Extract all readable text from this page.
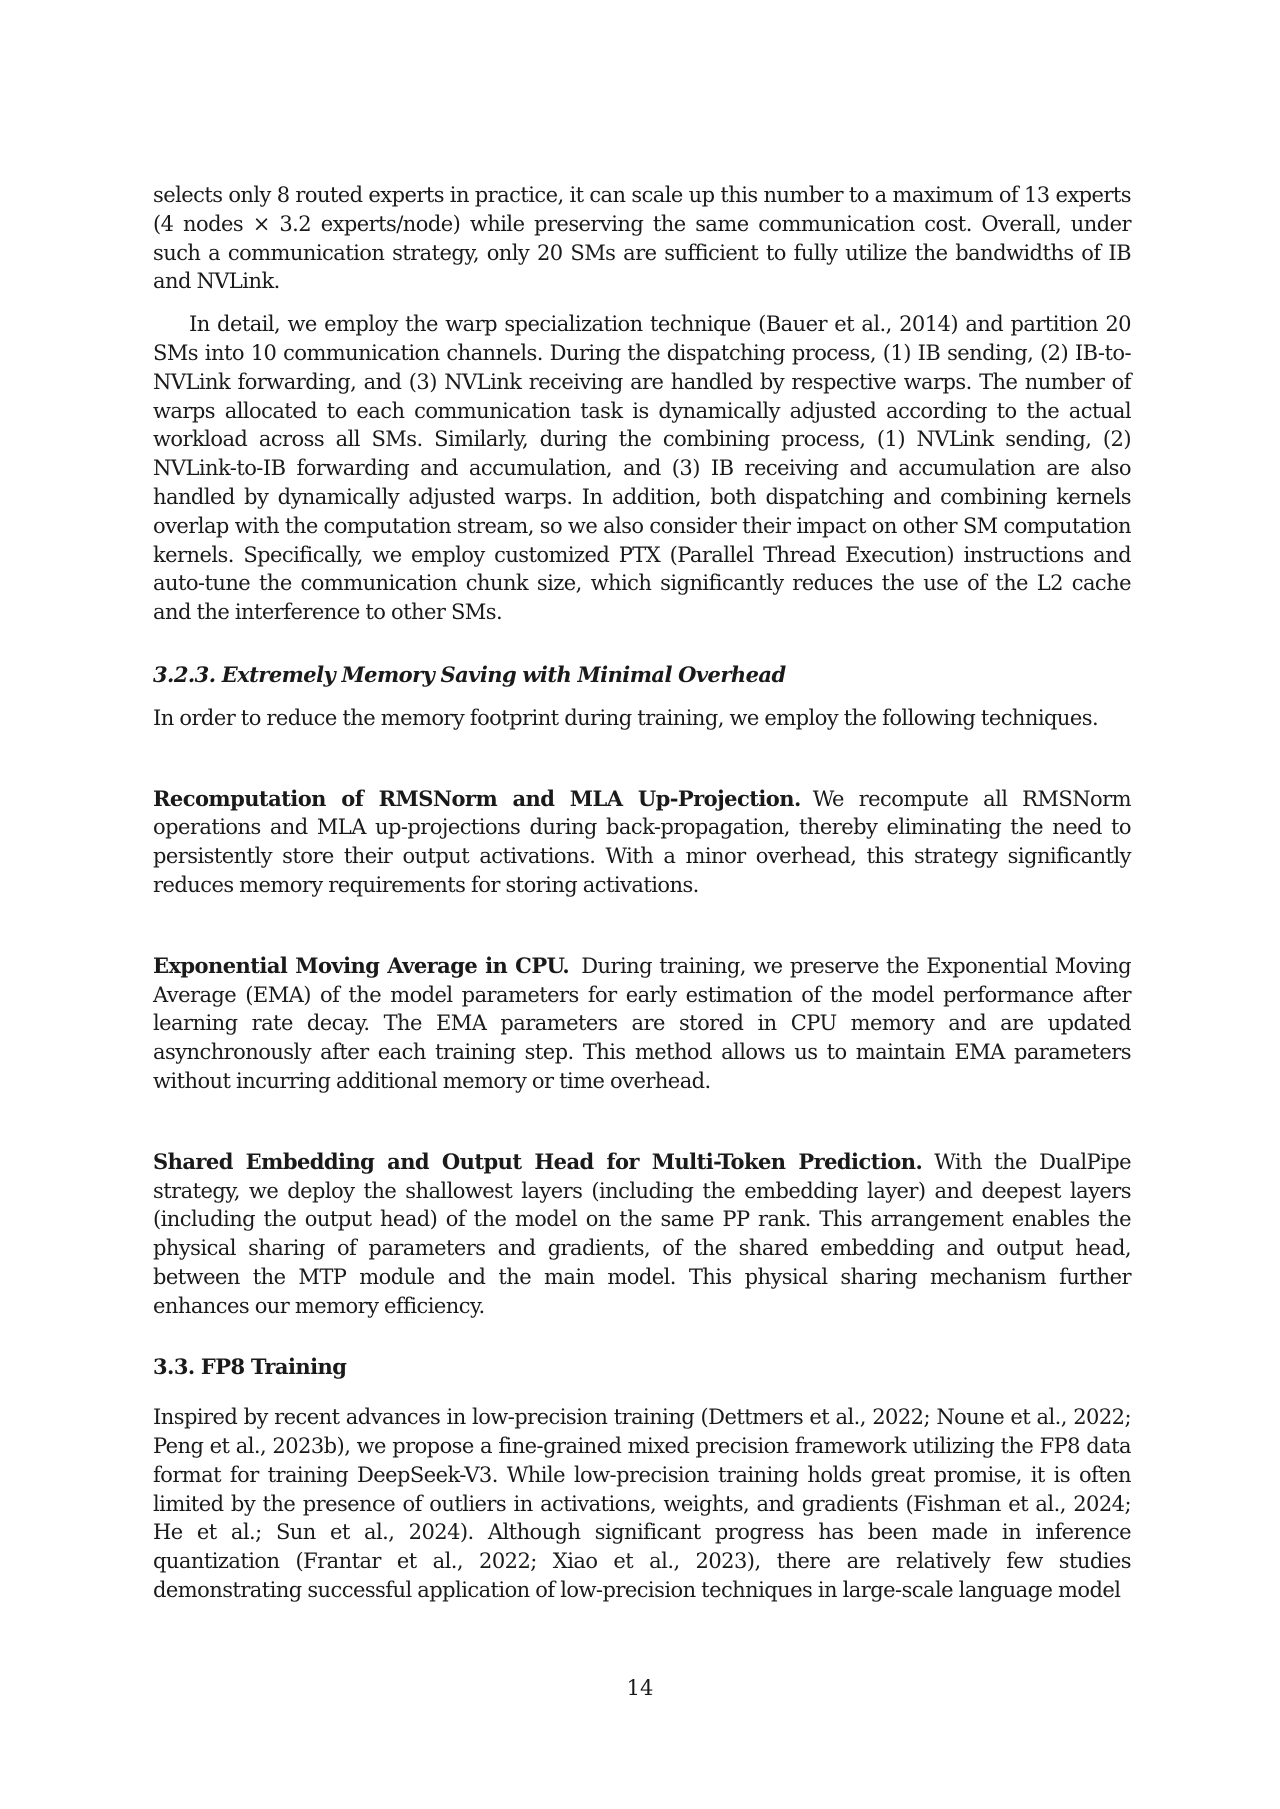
selects only 8 routed experts in practice, it can scale up this number to a maximum of 13 experts (4 nodes × 3.2 experts/node) while preserving the same communication cost. Overall, under such a communication strategy, only 20 SMs are sufficient to fully utilize the bandwidths of IB and NVLink.

In detail, we employ the warp specialization technique (Bauer et al., 2014) and partition 20 SMs into 10 communication channels. During the dispatching process, (1) IB sending, (2) IB-to-NVLink forwarding, and (3) NVLink receiving are handled by respective warps. The number of warps allocated to each communication task is dynamically adjusted according to the actual workload across all SMs. Similarly, during the combining process, (1) NVLink sending, (2) NVLink-to-IB forwarding and accumulation, and (3) IB receiving and accumulation are also handled by dynamically adjusted warps. In addition, both dispatching and combining kernels overlap with the computation stream, so we also consider their impact on other SM computation kernels. Specifically, we employ customized PTX (Parallel Thread Execution) instructions and auto-tune the communication chunk size, which significantly reduces the use of the L2 cache and the interference to other SMs.

3.2.3. Extremely Memory Saving with Minimal Overhead

In order to reduce the memory footprint during training, we employ the following techniques.

Recomputation of RMSNorm and MLA Up-Projection. We recompute all RMSNorm operations and MLA up-projections during back-propagation, thereby eliminating the need to persistently store their output activations. With a minor overhead, this strategy significantly reduces memory requirements for storing activations.

Exponential Moving Average in CPU. During training, we preserve the Exponential Moving Average (EMA) of the model parameters for early estimation of the model performance after learning rate decay. The EMA parameters are stored in CPU memory and are updated asynchronously after each training step. This method allows us to maintain EMA parameters without incurring additional memory or time overhead.

Shared Embedding and Output Head for Multi-Token Prediction. With the DualPipe strategy, we deploy the shallowest layers (including the embedding layer) and deepest layers (including the output head) of the model on the same PP rank. This arrangement enables the physical sharing of parameters and gradients, of the shared embedding and output head, between the MTP module and the main model. This physical sharing mechanism further enhances our memory efficiency.

3.3. FP8 Training

Inspired by recent advances in low-precision training (Dettmers et al., 2022; Noune et al., 2022; Peng et al., 2023b), we propose a fine-grained mixed precision framework utilizing the FP8 data format for training DeepSeek-V3. While low-precision training holds great promise, it is often limited by the presence of outliers in activations, weights, and gradients (Fishman et al., 2024; He et al.; Sun et al., 2024). Although significant progress has been made in inference quantization (Frantar et al., 2022; Xiao et al., 2023), there are relatively few studies demonstrating successful application of low-precision techniques in large-scale language model

14
